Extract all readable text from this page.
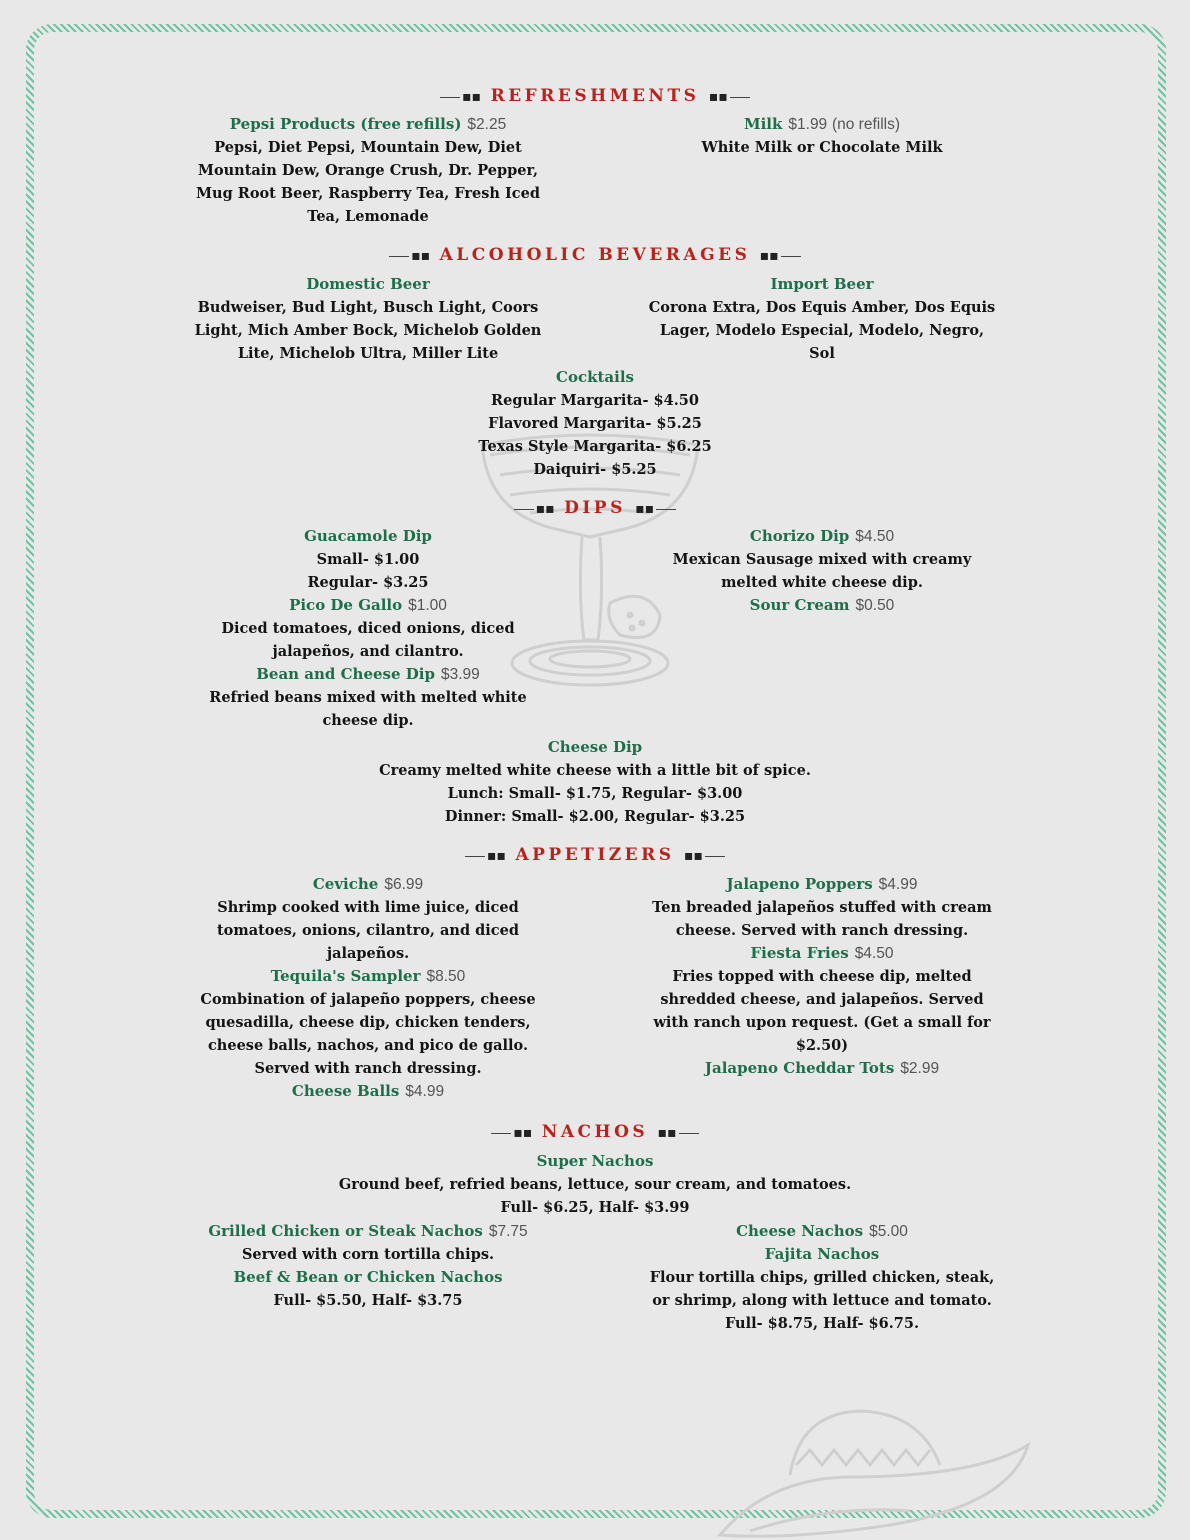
▪▪ REFRESHMENTS ▪▪
Pepsi Products (free refills) $2.25
Pepsi, Diet Pepsi, Mountain Dew, Diet
Mountain Dew, Orange Crush, Dr. Pepper,
Mug Root Beer, Raspberry Tea, Fresh Iced
Tea, Lemonade
Milk $1.99 (no refills)
White Milk or Chocolate Milk
▪▪ ALCOHOLIC BEVERAGES ▪▪
Domestic Beer
Budweiser, Bud Light, Busch Light, Coors
Light, Mich Amber Bock, Michelob Golden
Lite, Michelob Ultra, Miller Lite
Import Beer
Corona Extra, Dos Equis Amber, Dos Equis
Lager, Modelo Especial, Modelo, Negro,
Sol
Cocktails
Regular Margarita- $4.50
Flavored Margarita- $5.25
Texas Style Margarita- $6.25
Daiquiri- $5.25
▪▪ DIPS ▪▪
Guacamole Dip
Small- $1.00
Regular- $3.25
Pico De Gallo $1.00
Diced tomatoes, diced onions, diced
jalapeños, and cilantro.
Bean and Cheese Dip $3.99
Refried beans mixed with melted white
cheese dip.
Chorizo Dip $4.50
Mexican Sausage mixed with creamy
melted white cheese dip.
Sour Cream $0.50
Cheese Dip
Creamy melted white cheese with a little bit of spice.
Lunch: Small- $1.75, Regular- $3.00
Dinner: Small- $2.00, Regular- $3.25
▪▪ APPETIZERS ▪▪
Ceviche $6.99
Shrimp cooked with lime juice, diced
tomatoes, onions, cilantro, and diced
jalapeños.
Tequila's Sampler $8.50
Combination of jalapeño poppers, cheese
quesadilla, cheese dip, chicken tenders,
cheese balls, nachos, and pico de gallo.
Served with ranch dressing.
Cheese Balls $4.99
Jalapeno Poppers $4.99
Ten breaded jalapeños stuffed with cream
cheese. Served with ranch dressing.
Fiesta Fries $4.50
Fries topped with cheese dip, melted
shredded cheese, and jalapeños. Served
with ranch upon request. (Get a small for
$2.50)
Jalapeno Cheddar Tots $2.99
▪▪ NACHOS ▪▪
Super Nachos
Ground beef, refried beans, lettuce, sour cream, and tomatoes.
Full- $6.25, Half- $3.99
Grilled Chicken or Steak Nachos $7.75
Served with corn tortilla chips.
Beef & Bean or Chicken Nachos
Full- $5.50, Half- $3.75
Cheese Nachos $5.00
Fajita Nachos
Flour tortilla chips, grilled chicken, steak,
or shrimp, along with lettuce and tomato.
Full- $8.75, Half- $6.75.
